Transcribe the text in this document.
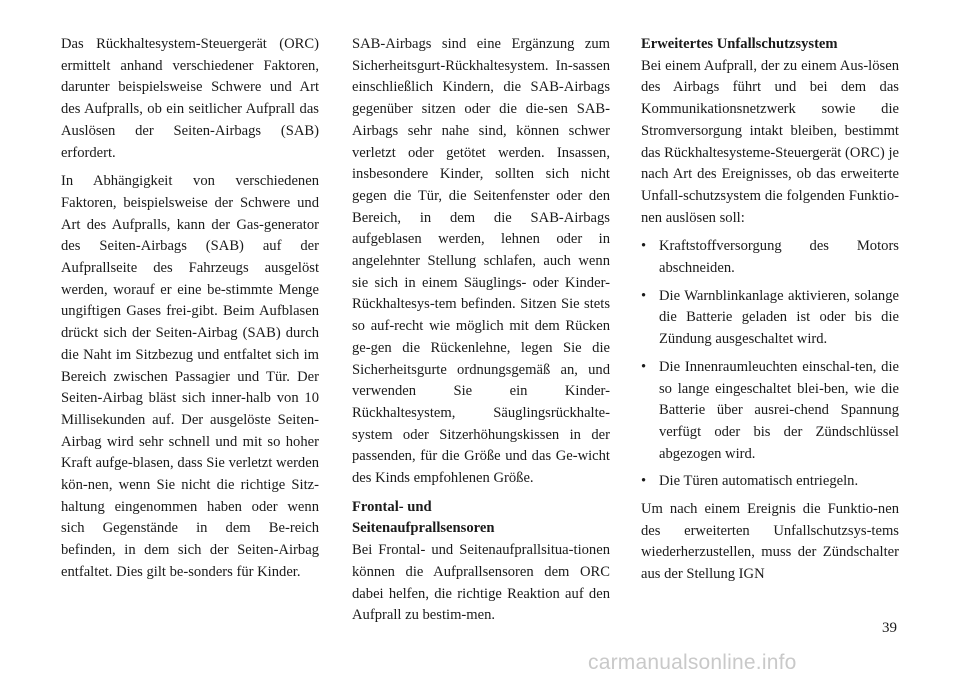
Das Rückhaltesystem-Steuergerät (ORC) ermittelt anhand verschiedener Faktoren, darunter beispielsweise Schwere und Art des Aufpralls, ob ein seitlicher Aufprall das Auslösen der Seiten-Airbags (SAB) erfordert.

In Abhängigkeit von verschiedenen Faktoren, beispielsweise der Schwere und Art des Aufpralls, kann der Gas-generator des Seiten-Airbags (SAB) auf der Aufprallseite des Fahrzeugs ausgelöst werden, worauf er eine be-stimmte Menge ungiftigen Gases frei-gibt. Beim Aufblasen drückt sich der Seiten-Airbag (SAB) durch die Naht im Sitzbezug und entfaltet sich im Bereich zwischen Passagier und Tür. Der Seiten-Airbag bläst sich inner-halb von 10 Millisekunden auf. Der ausgelöste Seiten-Airbag wird sehr schnell und mit so hoher Kraft aufge-blasen, dass Sie verletzt werden kön-nen, wenn Sie nicht die richtige Sitz-haltung eingenommen haben oder wenn sich Gegenstände in dem Be-reich befinden, in dem sich der Seiten-Airbag entfaltet. Dies gilt be-sonders für Kinder.

SAB-Airbags sind eine Ergänzung zum Sicherheitsgurt-Rückhaltesystem. In-sassen einschließlich Kindern, die SAB-Airbags gegenüber sitzen oder die die-sen SAB-Airbags sehr nahe sind, können schwer verletzt oder getötet werden. Insassen, insbesondere Kinder, sollten sich nicht gegen die Tür, die Seitenfenster oder den Bereich, in dem die SAB-Airbags aufgeblasen werden, lehnen oder in angelehnter Stellung schlafen, auch wenn sie sich in einem Säuglings- oder Kinder-Rückhaltesys-tem befinden. Sitzen Sie stets so auf-recht wie möglich mit dem Rücken ge-gen die Rückenlehne, legen Sie die Sicherheitsgurte ordnungsgemäß an, und verwenden Sie ein Kinder-Rückhaltesystem, Säuglingsrückhalte-system oder Sitzerhöhungskissen in der passenden, für die Größe und das Ge-wicht des Kinds empfohlenen Größe.

Frontal- und
Seitenaufprallsensoren

Bei Frontal- und Seitenaufprallsitua-tionen können die Aufprallsensoren dem ORC dabei helfen, die richtige Reaktion auf den Aufprall zu bestim-men.

Erweitertes Unfallschutzsystem

Bei einem Aufprall, der zu einem Aus-lösen des Airbags führt und bei dem das Kommunikationsnetzwerk sowie die Stromversorgung intakt bleiben, bestimmt das Rückhaltesysteme-Steuergerät (ORC) je nach Art des Ereignisses, ob das erweiterte Unfall-schutzsystem die folgenden Funktio-nen auslösen soll:

• Kraftstoffversorgung des Motors abschneiden.
• Die Warnblinkanlage aktivieren, solange die Batterie geladen ist oder bis die Zündung ausgeschaltet wird.
• Die Innenraumleuchten einschal-ten, die so lange eingeschaltet blei-ben, wie die Batterie über ausrei-chend Spannung verfügt oder bis der Zündschlüssel abgezogen wird.
• Die Türen automatisch entriegeln.

Um nach einem Ereignis die Funktio-nen des erweiterten Unfallschutzsys-tems wiederherzustellen, muss der Zündschalter aus der Stellung IGN

39
carmanualsonline.info
